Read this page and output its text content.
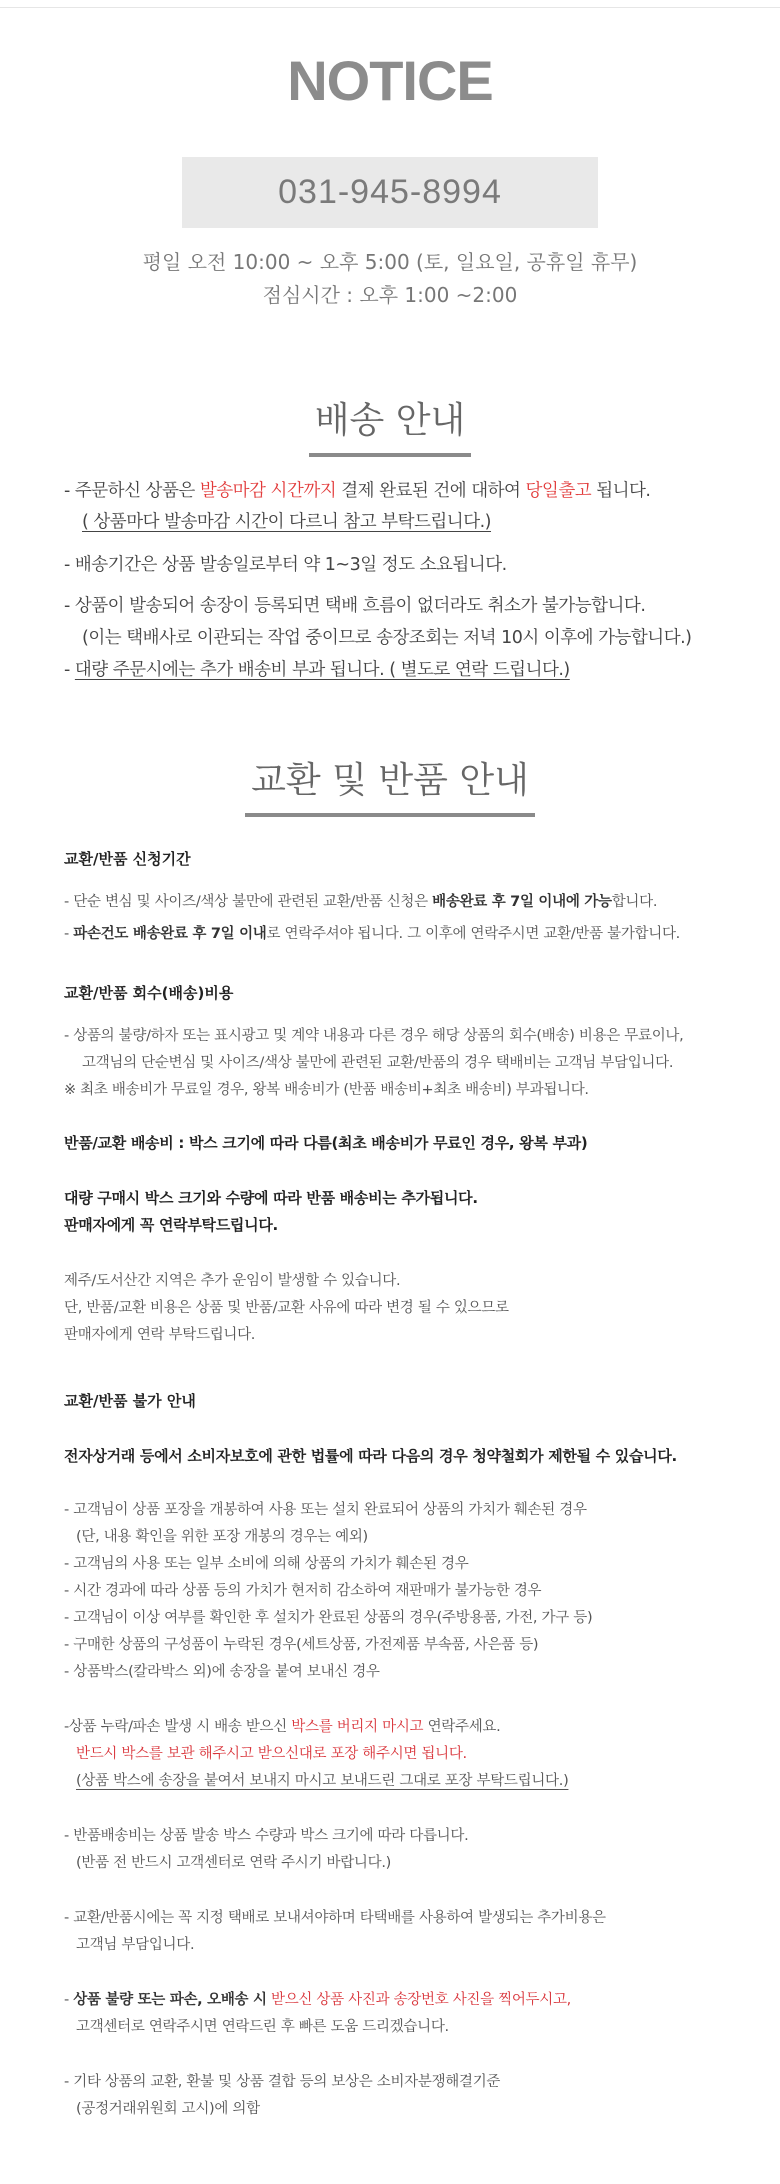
NOTICE
031-945-8994
평일 오전 10:00 ~ 오후 5:00 (토, 일요일, 공휴일 휴무)
점심시간 : 오후 1:00 ~2:00
배송 안내
- 주문하신 상품은 발송마감 시간까지 결제 완료된 건에 대하여 당일출고 됩니다.
( 상품마다 발송마감 시간이 다르니 참고 부탁드립니다.)
- 배송기간은 상품 발송일로부터 약 1~3일 정도 소요됩니다.
- 상품이 발송되어 송장이 등록되면 택배 흐름이 없더라도 취소가 불가능합니다.
(이는 택배사로 이관되는 작업 중이므로 송장조회는 저녁 10시 이후에 가능합니다.)
- 대량 주문시에는 추가 배송비 부과 됩니다. ( 별도로 연락 드립니다.)
교환 및 반품 안내
교환/반품 신청기간
- 단순 변심 및 사이즈/색상 불만에 관련된 교환/반품 신청은 배송완료 후 7일 이내에 가능합니다.
- 파손건도 배송완료 후 7일 이내로 연락주셔야 됩니다. 그 이후에 연락주시면 교환/반품 불가합니다.
교환/반품 회수(배송)비용
- 상품의 불량/하자 또는 표시광고 및 계약 내용과 다른 경우 해당 상품의 회수(배송) 비용은 무료이나,
고객님의 단순변심 및 사이즈/색상 불만에 관련된 교환/반품의 경우 택배비는 고객님 부담입니다.
※ 최초 배송비가 무료일 경우, 왕복 배송비가 (반품 배송비+최초 배송비) 부과됩니다.
반품/교환 배송비 : 박스 크기에 따라 다름(최초 배송비가 무료인 경우, 왕복 부과)
대량 구매시 박스 크기와 수량에 따라 반품 배송비는 추가됩니다.
판매자에게 꼭 연락부탁드립니다.
제주/도서산간 지역은 추가 운임이 발생할 수 있습니다.
단, 반품/교환 비용은 상품 및 반품/교환 사유에 따라 변경 될 수 있으므로
판매자에게 연락 부탁드립니다.
교환/반품 불가 안내
전자상거래 등에서 소비자보호에 관한 법률에 따라 다음의 경우 청약철회가 제한될 수 있습니다.
- 고객님이 상품 포장을 개봉하여 사용 또는 설치 완료되어 상품의 가치가 훼손된 경우
(단, 내용 확인을 위한 포장 개봉의 경우는 예외)
- 고객님의 사용 또는 일부 소비에 의해 상품의 가치가 훼손된 경우
- 시간 경과에 따라 상품 등의 가치가 현저히 감소하여 재판매가 불가능한 경우
- 고객님이 이상 여부를 확인한 후 설치가 완료된 상품의 경우(주방용품, 가전, 가구 등)
- 구매한 상품의 구성품이 누락된 경우(세트상품, 가전제품 부속품, 사은품 등)
- 상품박스(칼라박스 외)에 송장을 붙여 보내신 경우
-상품 누락/파손 발생 시 배송 받으신 박스를 버리지 마시고 연락주세요.
반드시 박스를 보관 해주시고 받으신대로 포장 해주시면 됩니다.
(상품 박스에 송장을 붙여서 보내지 마시고 보내드린 그대로 포장 부탁드립니다.)
- 반품배송비는 상품 발송 박스 수량과 박스 크기에 따라 다릅니다.
(반품 전 반드시 고객센터로 연락 주시기 바랍니다.)
- 교환/반품시에는 꼭 지정 택배로 보내셔야하며 타택배를 사용하여 발생되는 추가비용은
고객님 부담입니다.
- 상품 불량 또는 파손, 오배송 시 받으신 상품 사진과 송장번호 사진을 찍어두시고,
고객센터로 연락주시면 연락드린 후 빠른 도움 드리겠습니다.
- 기타 상품의 교환, 환불 및 상품 결합 등의 보상은 소비자분쟁해결기준
(공정거래위원회 고시)에 의함
